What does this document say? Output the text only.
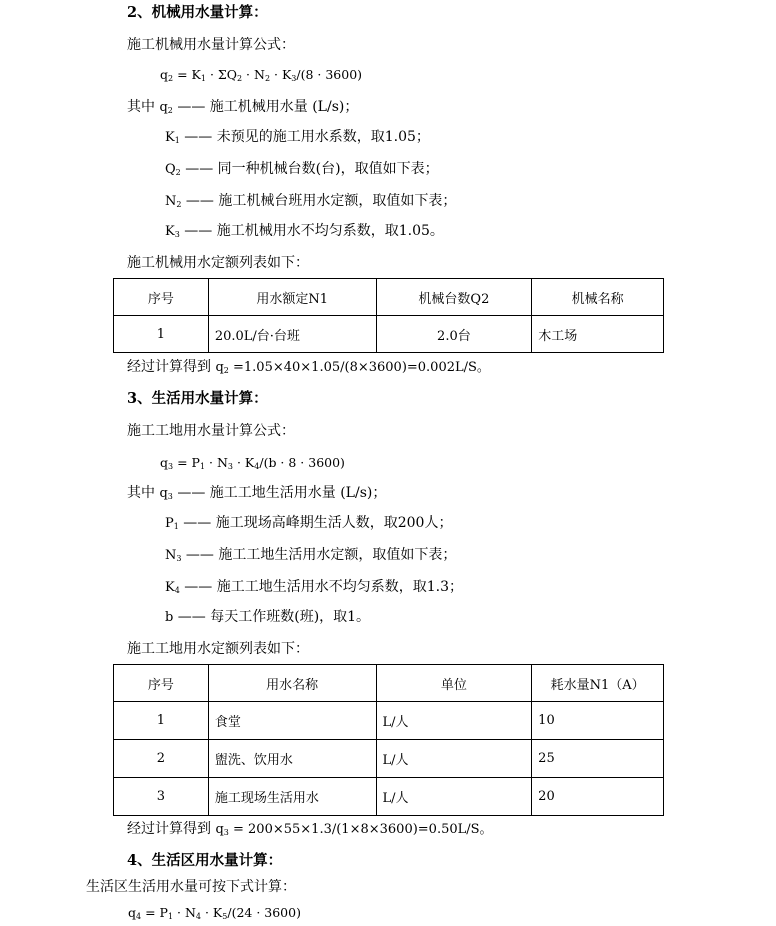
2、机械用水量计算：
施工机械用水量计算公式：
$q_2 = K_1 \cdot \Sigma Q_2 \cdot N_2 \cdot K_3/(8 \cdot 3600)$
其中 $q_2$ —— 施工机械用水量 (L/s)；
$K_1$ —— 未预见的施工用水系数，取1.05；
$Q_2$ —— 同一种机械台数(台)，取值如下表；
$N_2$ —— 施工机械台班用水定额，取值如下表；
$K_3$ —— 施工机械用水不均匀系数，取1.05。
施工机械用水定额列表如下：
序号	用水额定N1	机械台数Q2	机械名称
1	20.0L/台·台班	2.0台	木工场
经过计算得到 $q_2 =1.05\times 40\times 1.05/(8\times 3600)=0.002L/S$。
3、生活用水量计算：
施工工地用水量计算公式：
$q_3 = P_1 \cdot N_3 \cdot K_4/(b \cdot 8 \cdot 3600)$
其中 $q_3$ —— 施工工地生活用水量 (L/s)；
$P_1$ —— 施工现场高峰期生活人数，取200人；
$N_3$ —— 施工工地生活用水定额，取值如下表；
$K_4$ —— 施工工地生活用水不均匀系数，取1.3；
b —— 每天工作班数(班)，取1。
施工工地用水定额列表如下：
序号	用水名称	单位	耗水量N1（A）
1	食堂	L/人	10
2	盥洗、饮用水	L/人	25
3	施工现场生活用水	L/人	20
经过计算得到 $q_3 = 200\times 55\times 1.3/(1\times 8\times 3600)=0.50L/S$。
4、生活区用水量计算：
生活区生活用水量可按下式计算：
$q_4 = P_1 \cdot N_4 \cdot K_5/(24 \cdot 3600)$
